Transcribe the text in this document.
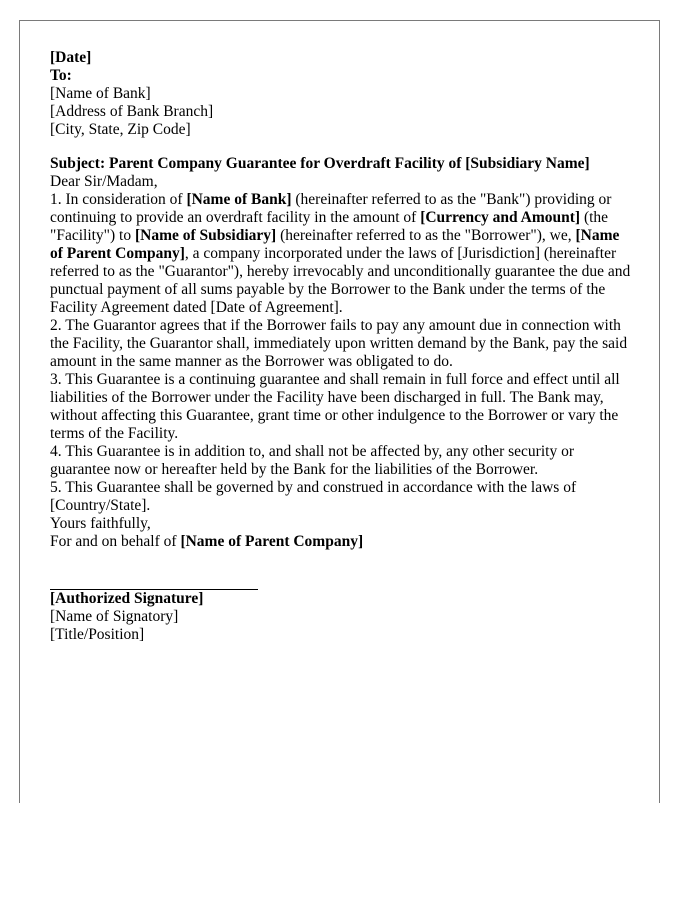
[Date]

To:

[Name of Bank]

[Address of Bank Branch]

[City, State, Zip Code]

Subject: Parent Company Guarantee for Overdraft Facility of [Subsidiary Name]

Dear Sir/Madam,

1. In consideration of [Name of Bank] (hereinafter referred to as the "Bank") providing or continuing to provide an overdraft facility in the amount of [Currency and Amount] (the "Facility") to [Name of Subsidiary] (hereinafter referred to as the "Borrower"), we, [Name of Parent Company], a company incorporated under the laws of [Jurisdiction] (hereinafter referred to as the "Guarantor"), hereby irrevocably and unconditionally guarantee the due and punctual payment of all sums payable by the Borrower to the Bank under the terms of the Facility Agreement dated [Date of Agreement].

2. The Guarantor agrees that if the Borrower fails to pay any amount due in connection with the Facility, the Guarantor shall, immediately upon written demand by the Bank, pay the said amount in the same manner as the Borrower was obligated to do.

3. This Guarantee is a continuing guarantee and shall remain in full force and effect until all liabilities of the Borrower under the Facility have been discharged in full. The Bank may, without affecting this Guarantee, grant time or other indulgence to the Borrower or vary the terms of the Facility.

4. This Guarantee is in addition to, and shall not be affected by, any other security or guarantee now or hereafter held by the Bank for the liabilities of the Borrower.

5. This Guarantee shall be governed by and construed in accordance with the laws of [Country/State].

Yours faithfully,

For and on behalf of [Name of Parent Company]

[Authorized Signature]

[Name of Signatory]

[Title/Position]
